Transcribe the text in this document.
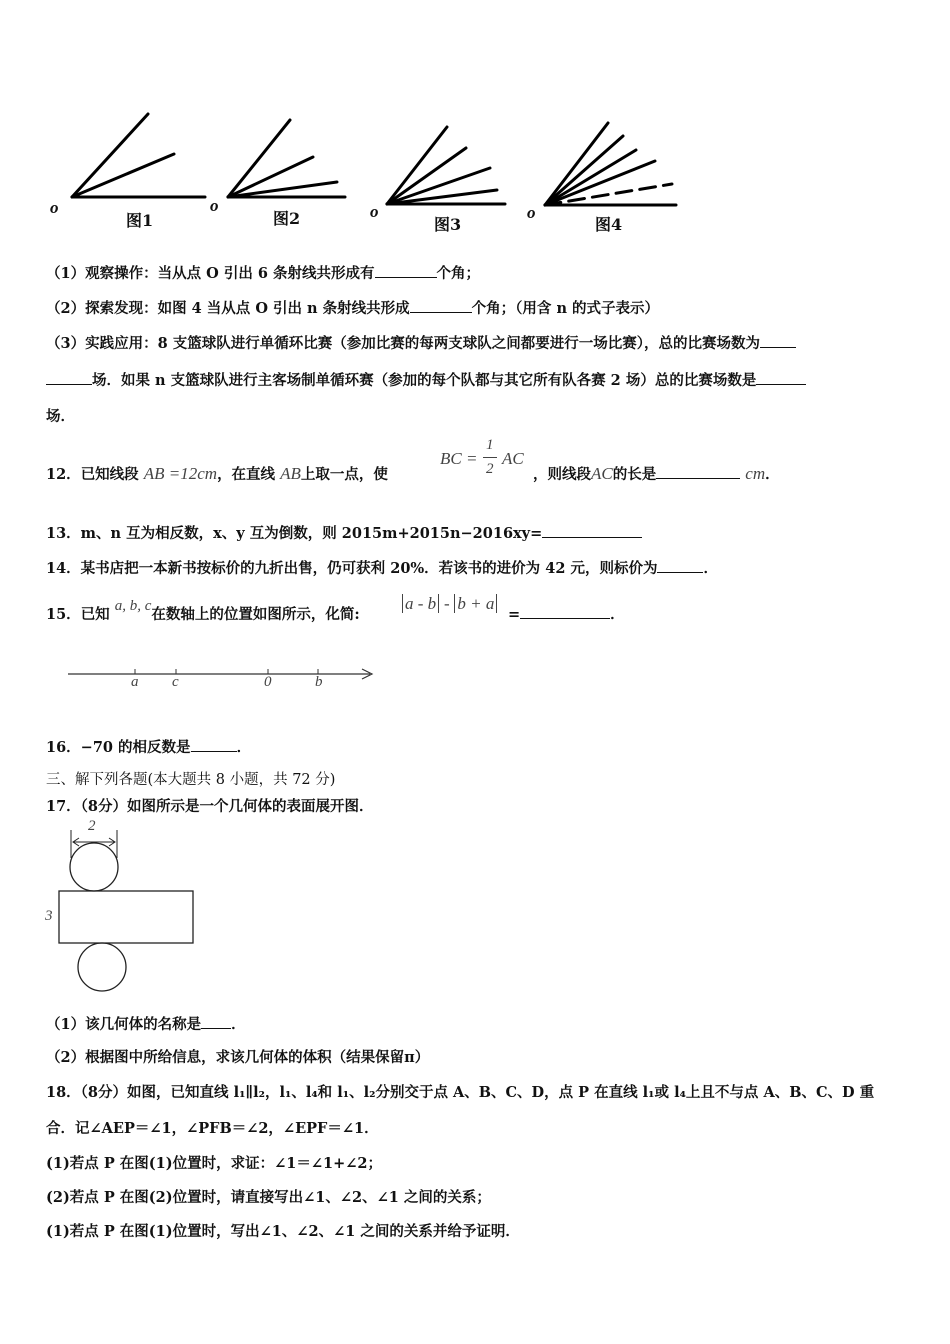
o	o	o	o
图1	图2	图3	图4
（1）观察操作：当从点 O 引出 6 条射线共形成有	个角；
（2）探索发现：如图 4 当从点 O 引出 n 条射线共形成	个角；（用含 n 的式子表示）
（3）实践应用：8 支篮球队进行单循环比赛（参加比赛的每两支球队之间都要进行一场比赛），总的比赛场数为
场．如果 n 支篮球队进行主客场制单循环赛（参加的每个队都与其它所有队各赛 2 场）总的比赛场数是
场．
12．已知线段 AB =12cm，在直线 AB上取一点，使
BC =
1
2
AC
，则线段AC的长是	cm．
13．m、n 互为相反数，x、y 互为倒数，则 2015m+2015n−2016xy=
14．某书店把一本新书按标价的九折出售，仍可获利 20%．若该书的进价为 42 元，则标价为	．
15．已知 a, b, c在数轴上的位置如图所示，化简:
a - b - b + a
=	．
a c	0	b
16．−70 的相反数是	．
三、解下列各题(本大题共 8 小题，共 72 分)
17．（8分）如图所示是一个几何体的表面展开图．
2
3
（1）该几何体的名称是 ．
（2）根据图中所给信息，求该几何体的体积（结果保留π）
18．（8分）如图，已知直线 l₁∥l₂，l₁、l₄和 l₁、l₂分别交于点 A、B、C、D，点 P 在直线 l₁或 l₄上且不与点 A、B、C、D 重
合．记∠AEP＝∠1，∠PFB＝∠2，∠EPF＝∠1．
(1)若点 P 在图(1)位置时，求证：∠1＝∠1+∠2；
(2)若点 P 在图(2)位置时，请直接写出∠1、∠2、∠1 之间的关系；
(1)若点 P 在图(1)位置时，写出∠1、∠2、∠1 之间的关系并给予证明．
